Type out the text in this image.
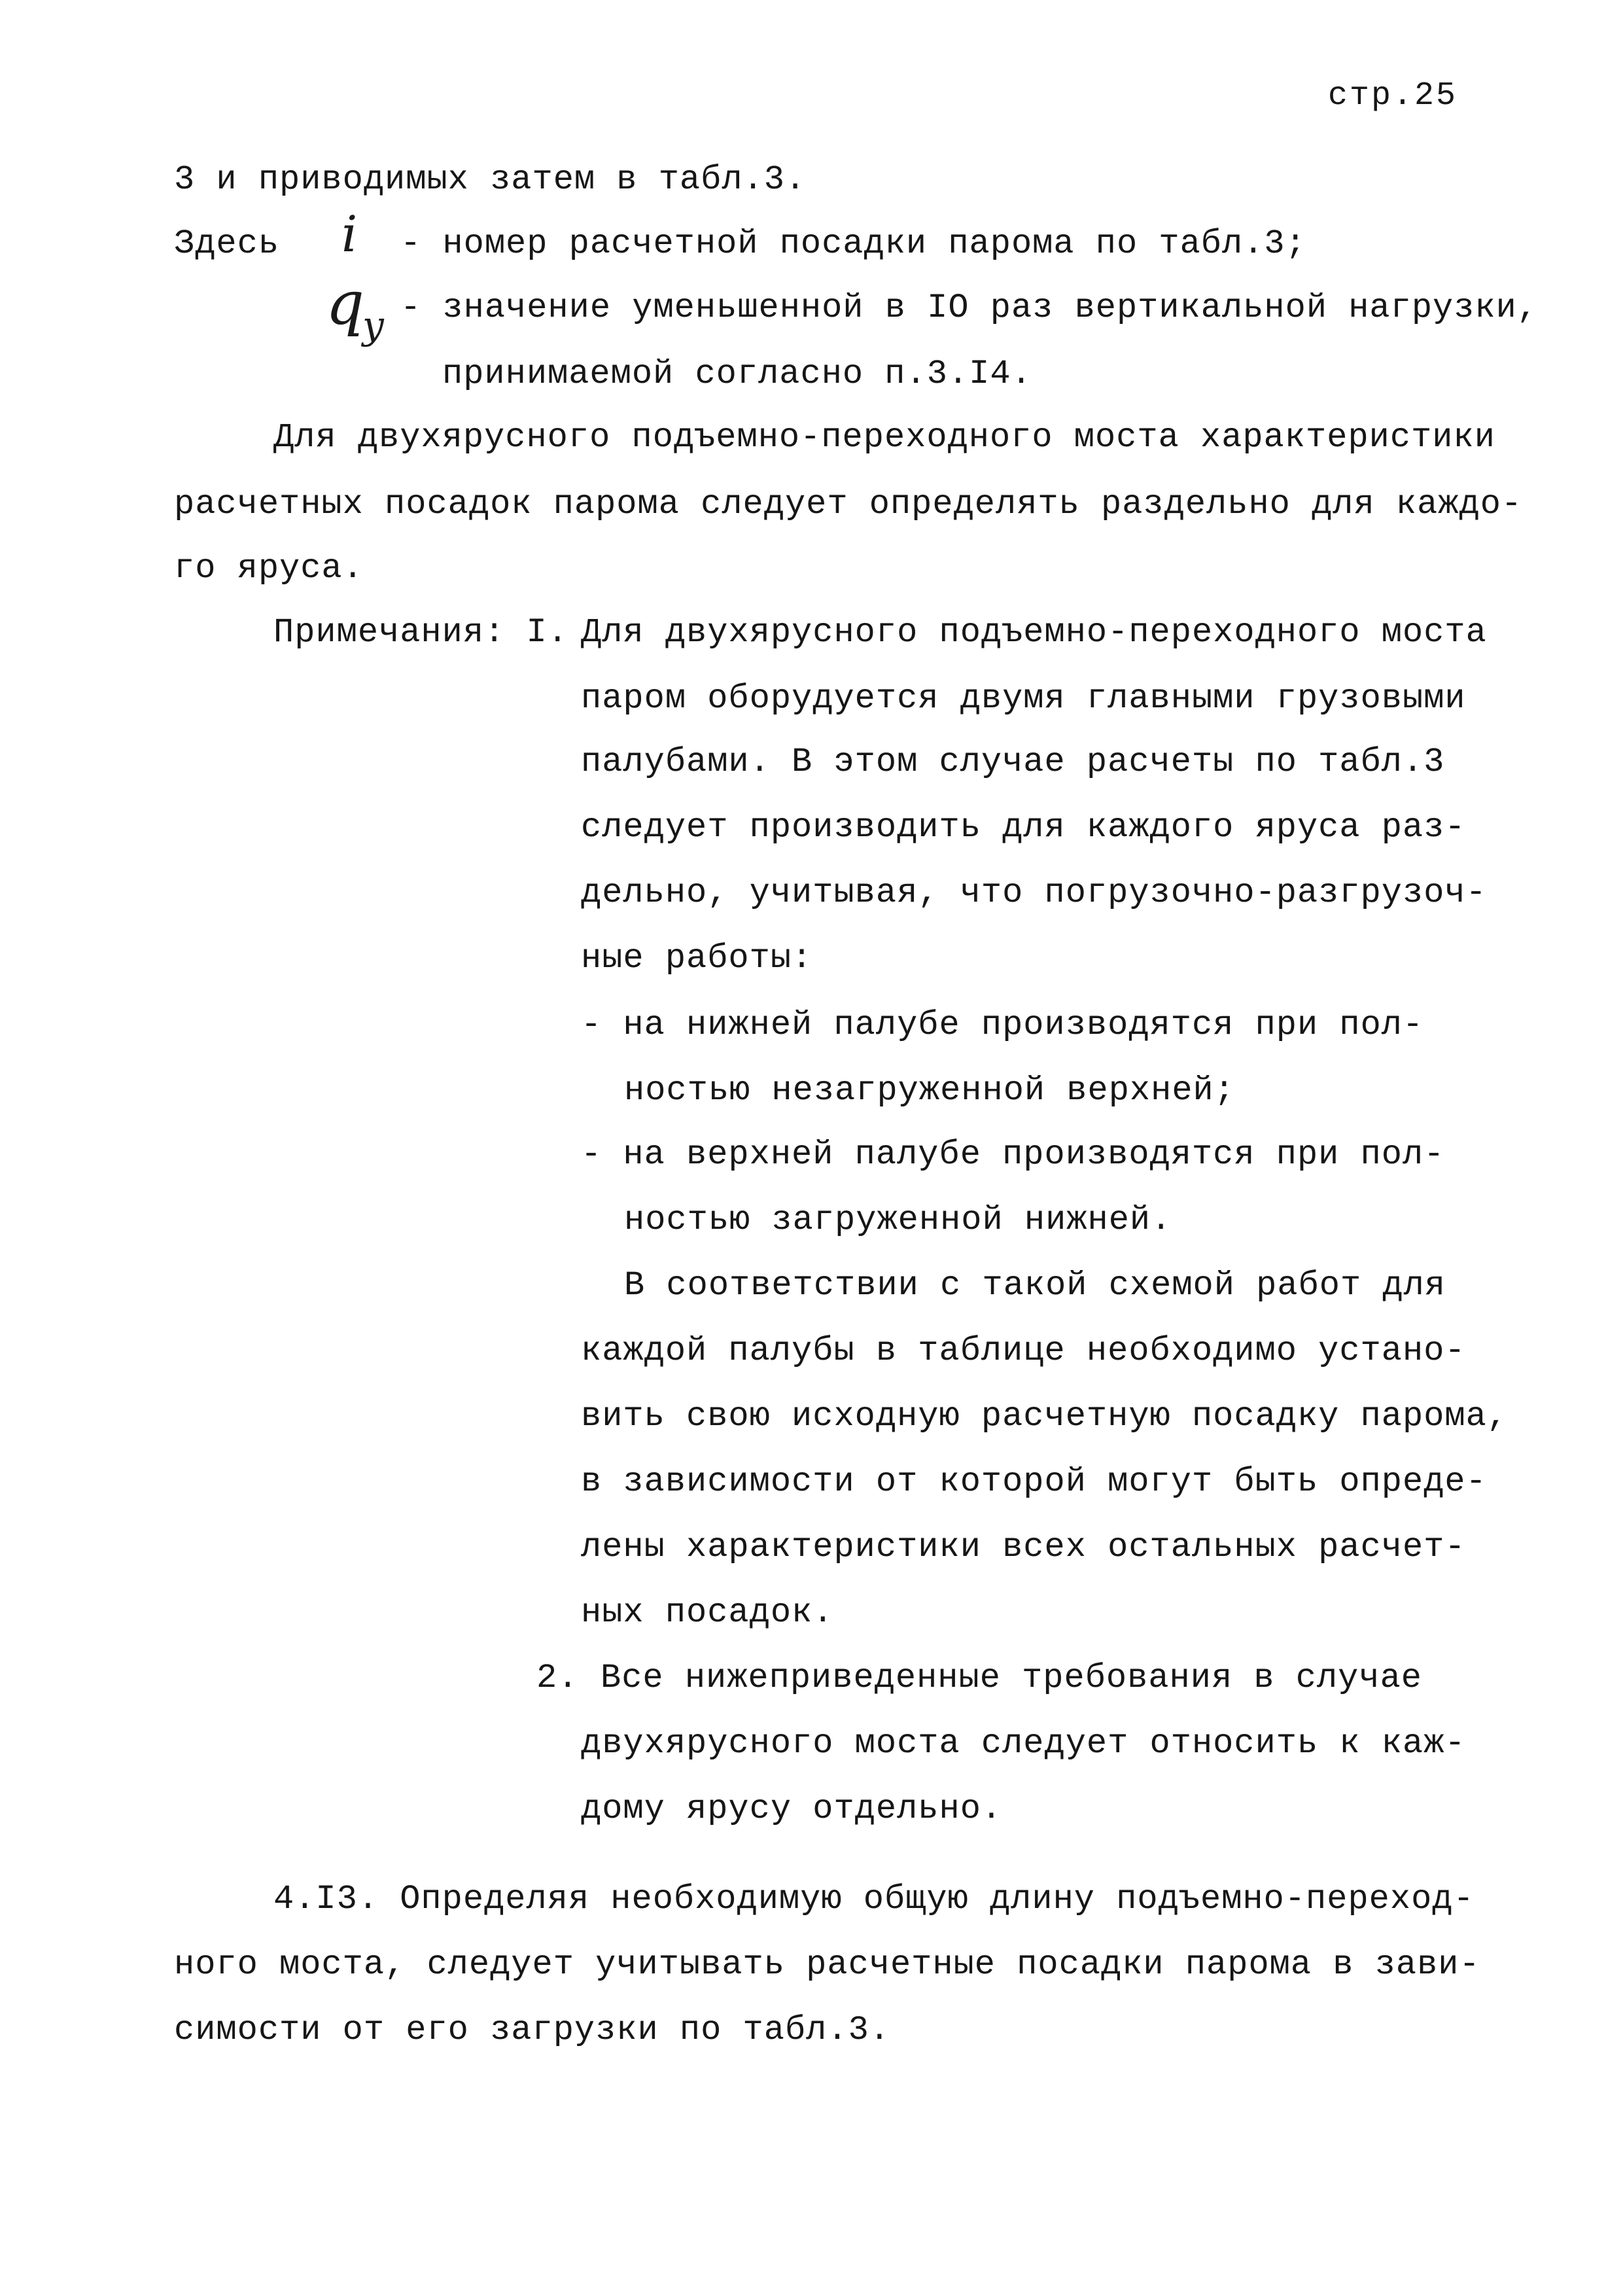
стр.25
3 и приводимых затем в табл.3.
Здесь i - номер расчетной посадки парома по табл.3;
q
у - значение уменьшенной в IO раз вертикальной нагрузки,
принимаемой согласно п.3.I4.
Для двухярусного подъемно-переходного моста характеристики
расчетных посадок парома следует определять раздельно для каждо-
го яруса.
Примечания: I. Для двухярусного подъемно-переходного моста
паром оборудуется двумя главными грузовыми
палубами. В этом случае расчеты по табл.3
следует производить для каждого яруса раз-
дельно, учитывая, что погрузочно-разгрузоч-
ные работы:
- на нижней палубе производятся при пол-
ностью незагруженной верхней;
- на верхней палубе производятся при пол-
ностью загруженной нижней.
В соответствии с такой схемой работ для
каждой палубы в таблице необходимо устано-
вить свою исходную расчетную посадку парома,
в зависимости от которой могут быть опреде-
лены характеристики всех остальных расчет-
ных посадок.
2. Все нижеприведенные требования в случае
двухярусного моста следует относить к каж-
дому ярусу отдельно.
4.I3. Определяя необходимую общую длину подъемно-переход-
ного моста, следует учитывать расчетные посадки парома в зави-
симости от его загрузки по табл.3.
